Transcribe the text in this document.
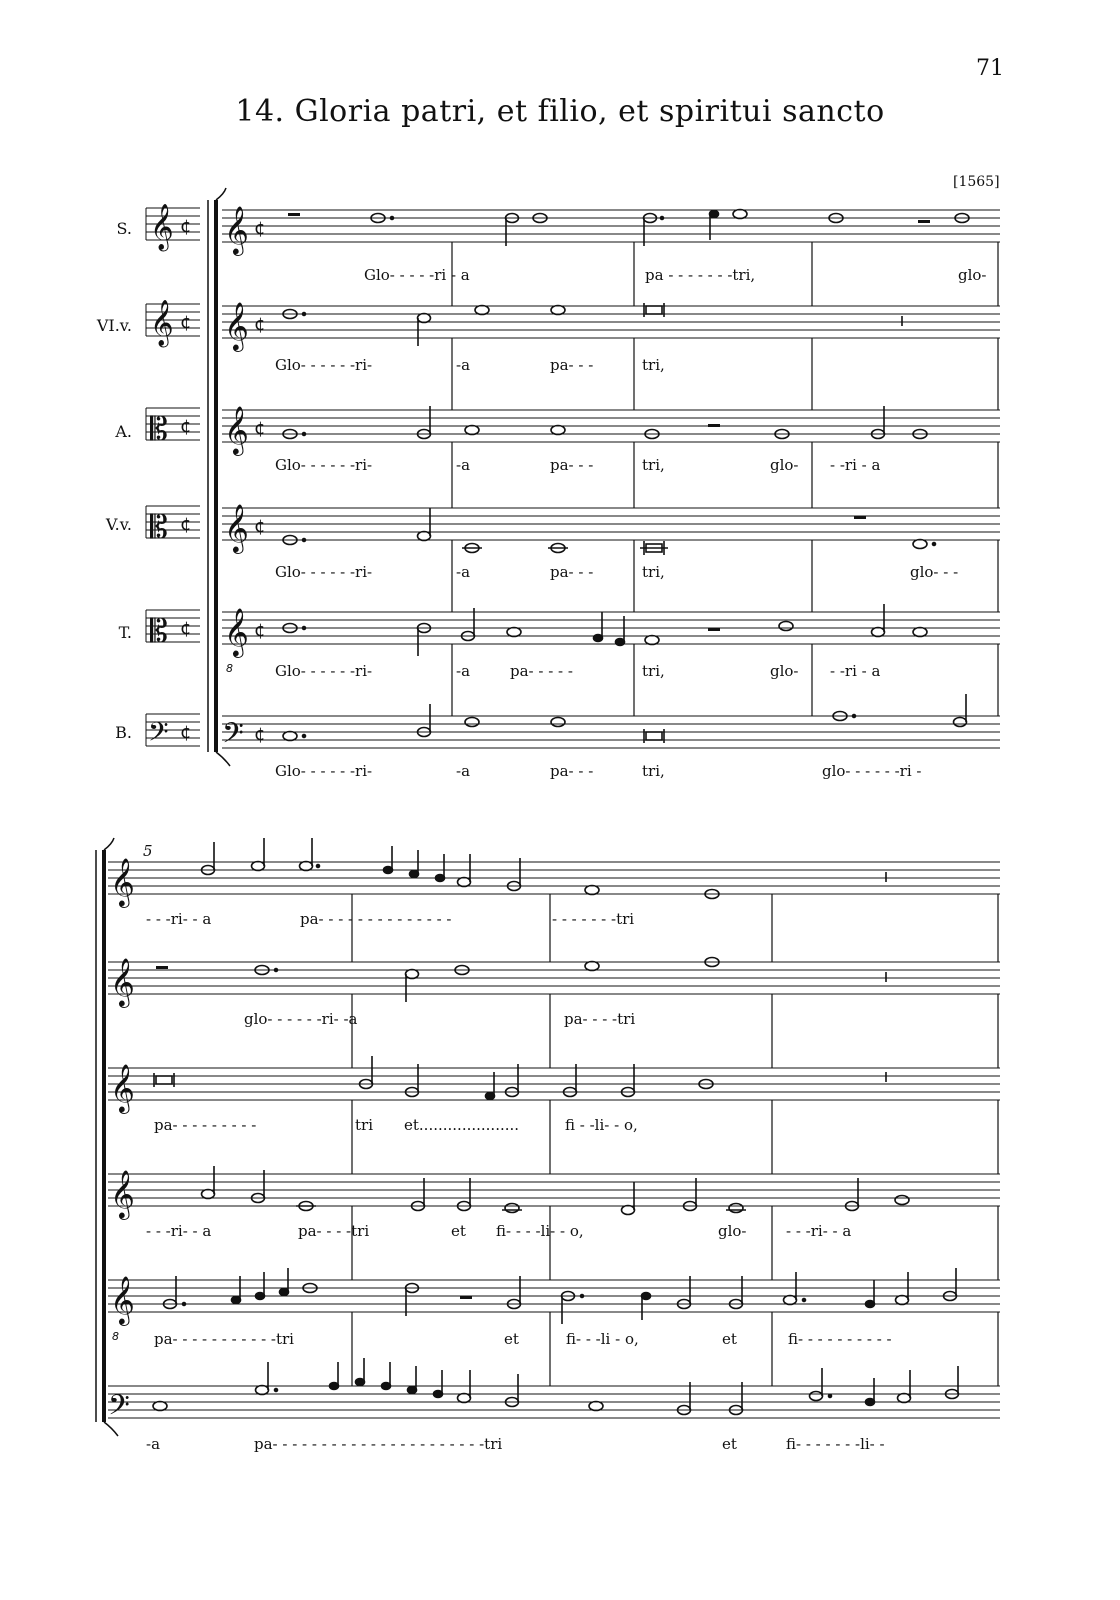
71
14. Gloria patri, et filio, et spiritui sancto
[1565]
5
S.
VI.v.
A.
V.v.
T.
B.
Glo- - - - -ri - a	pa - - - - - - -tri,	glo-
Glo- - - - - -ri-	-a	pa- - -	tri,
Glo- - - - - -ri-	-a	pa- - -	tri,	glo- - -ri - a
Glo- - - - - -ri-	-a	pa- - -	tri,	glo- - -
Glo- - - - - -ri-	-a	pa- - - - -	tri,	glo- - -ri - a
Glo- - - - - -ri-	-a	pa- - -	tri,	glo- - - - - -ri -
- - -ri- - a	pa- - - - - - - - - - - - - -	- - - - - - -tri
glo- - - - - -ri- -a	pa- - - -tri
pa- - - - - - - - -	tri et.....................	fi - -li- - o,
- - -ri- - a	pa- - - -tri	et fi- - - -li- - o,	glo-	- - -ri- - a
pa- - - - - - - - - - -tri	et	fi- - -li - o,	et	fi- - - - - - - - - -
-a	pa- - - - - - - - - - - - - - - - - - - - - -tri	et	fi- - - - - - -li- -
𝄞
𝄞
𝄡
𝄡
𝄡
𝄢
¢
¢
¢
¢
¢
¢
𝄞
𝄞
𝄞
𝄞
𝄞
8
𝄢
¢
¢
¢
¢
¢
¢
𝄞
𝄞
𝄞
𝄞
𝄞
8
𝄢
